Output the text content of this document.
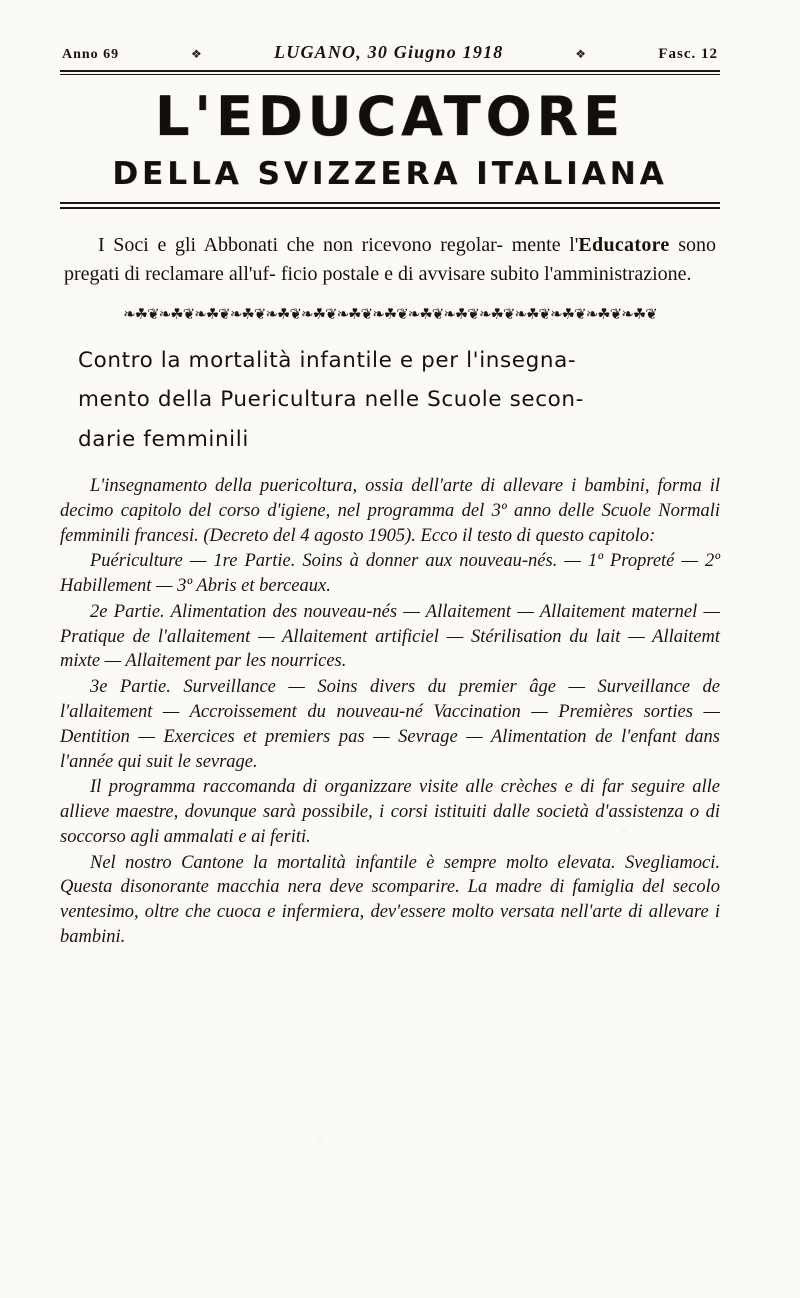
Anno 69	❖	LUGANO, 30 Giugno 1918	❖	Fasc. 12
L'EDUCATORE
DELLA SVIZZERA ITALIANA
I Soci e gli Abbonati che non ricevono regolar- mente l'Educatore sono pregati di reclamare all'uf- ficio postale e di avvisare subito l'amministrazione.
❧☘❦❧☘❦❧☘❦❧☘❦❧☘❦❧☘❦❧☘❦❧☘❦❧☘❦❧☘❦❧☘❦❧☘❦❧☘❦❧☘❦❧☘❦
Contro la mortalità infantile e per l'insegna-
mento della Puericultura nelle Scuole secon-
darie femminili

L'insegnamento della puericoltura, ossia dell'arte di allevare i bambini, forma il decimo capitolo del corso d'igiene, nel programma del 3º anno delle Scuole Normali femminili francesi. (Decreto del 4 agosto 1905). Ecco il testo di questo capitolo:

Puériculture — 1re Partie. Soins à donner aux nouveau-nés. — 1º Propreté — 2º Habillement — 3º Abris et berceaux.

2e Partie. Alimentation des nouveau-nés — Allaitement — Allaitement maternel — Pratique de l'allaitement — Allaitement artificiel — Stérilisation du lait — Allaitemt mixte — Allaitement par les nourrices.

3e Partie. Surveillance — Soins divers du premier âge — Surveillance de l'allaitement — Accroissement du nouveau-né Vaccination — Premières sorties — Dentition — Exercices et premiers pas — Sevrage — Alimentation de l'enfant dans l'année qui suit le sevrage.

Il programma raccomanda di organizzare visite alle crèches e di far seguire alle allieve maestre, dovunque sarà possibile, i corsi istituiti dalle società d'assistenza o di soccorso agli ammalati e ai feriti.

Nel nostro Cantone la mortalità infantile è sempre molto elevata. Svegliamoci. Questa disonorante macchia nera deve scomparire. La madre di famiglia del secolo ventesimo, oltre che cuoca e infermiera, dev'essere molto versata nell'arte di allevare i bambini.
